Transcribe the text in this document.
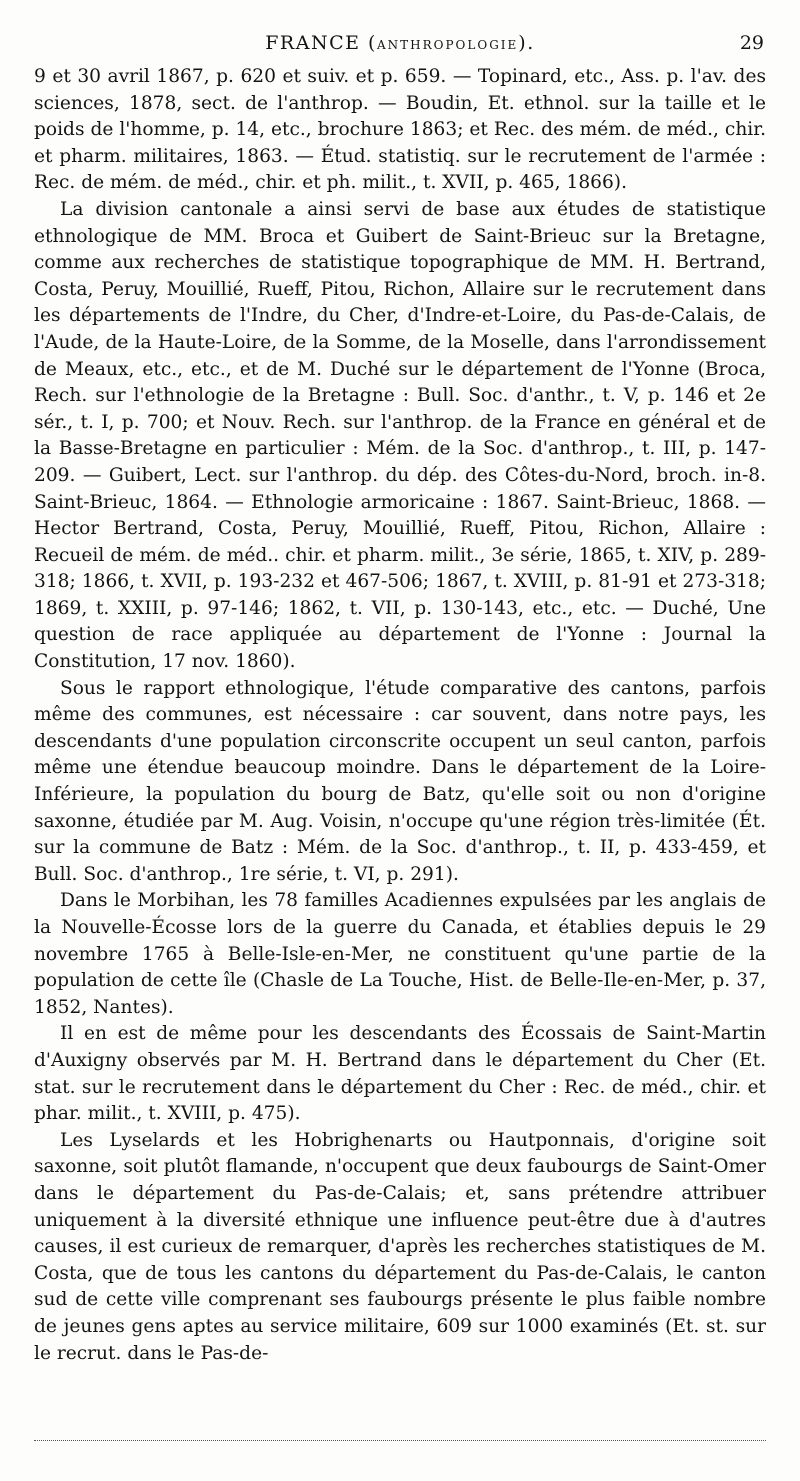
FRANCE (ANTHROPOLOGIE).	29

9 et 30 avril 1867, p. 620 et suiv. et p. 659. — Topinard, etc., Ass. p. l'av. des sciences, 1878, sect. de l'anthrop. — Boudin, Et. ethnol. sur la taille et le poids de l'homme, p. 14, etc., brochure 1863; et Rec. des mém. de méd., chir. et pharm. militaires, 1863. — Étud. statistiq. sur le recrutement de l'armée : Rec. de mém. de méd., chir. et ph. milit., t. XVII, p. 465, 1866).

La division cantonale a ainsi servi de base aux études de statistique ethnologique de MM. Broca et Guibert de Saint-Brieuc sur la Bretagne, comme aux recherches de statistique topographique de MM. H. Bertrand, Costa, Peruy, Mouillié, Rueff, Pitou, Richon, Allaire sur le recrutement dans les départements de l'Indre, du Cher, d'Indre-et-Loire, du Pas-de-Calais, de l'Aude, de la Haute-Loire, de la Somme, de la Moselle, dans l'arrondissement de Meaux, etc., etc., et de M. Duché sur le département de l'Yonne (Broca, Rech. sur l'ethnologie de la Bretagne : Bull. Soc. d'anthr., t. V, p. 146 et 2e sér., t. I, p. 700; et Nouv. Rech. sur l'anthrop. de la France en général et de la Basse-Bretagne en particulier : Mém. de la Soc. d'anthrop., t. III, p. 147-209. — Guibert, Lect. sur l'anthrop. du dép. des Côtes-du-Nord, broch. in-8. Saint-Brieuc, 1864. — Ethnologie armoricaine : 1867. Saint-Brieuc, 1868. — Hector Bertrand, Costa, Peruy, Mouillié, Rueff, Pitou, Richon, Allaire : Recueil de mém. de méd.. chir. et pharm. milit., 3e série, 1865, t. XIV, p. 289-318; 1866, t. XVII, p. 193-232 et 467-506; 1867, t. XVIII, p. 81-91 et 273-318; 1869, t. XXIII, p. 97-146; 1862, t. VII, p. 130-143, etc., etc. — Duché, Une question de race appliquée au département de l'Yonne : Journal la Constitution, 17 nov. 1860).

Sous le rapport ethnologique, l'étude comparative des cantons, parfois même des communes, est nécessaire : car souvent, dans notre pays, les descendants d'une population circonscrite occupent un seul canton, parfois même une étendue beaucoup moindre. Dans le département de la Loire-Inférieure, la population du bourg de Batz, qu'elle soit ou non d'origine saxonne, étudiée par M. Aug. Voisin, n'occupe qu'une région très-limitée (Ét. sur la commune de Batz : Mém. de la Soc. d'anthrop., t. II, p. 433-459, et Bull. Soc. d'anthrop., 1re série, t. VI, p. 291).

Dans le Morbihan, les 78 familles Acadiennes expulsées par les anglais de la Nouvelle-Écosse lors de la guerre du Canada, et établies depuis le 29 novembre 1765 à Belle-Isle-en-Mer, ne constituent qu'une partie de la population de cette île (Chasle de La Touche, Hist. de Belle-Ile-en-Mer, p. 37, 1852, Nantes).

Il en est de même pour les descendants des Écossais de Saint-Martin d'Auxigny observés par M. H. Bertrand dans le département du Cher (Et. stat. sur le recrutement dans le département du Cher : Rec. de méd., chir. et phar. milit., t. XVIII, p. 475).

Les Lyselards et les Hobrighenarts ou Hautponnais, d'origine soit saxonne, soit plutôt flamande, n'occupent que deux faubourgs de Saint-Omer dans le département du Pas-de-Calais; et, sans prétendre attribuer uniquement à la diversité ethnique une influence peut-être due à d'autres causes, il est curieux de remarquer, d'après les recherches statistiques de M. Costa, que de tous les cantons du département du Pas-de-Calais, le canton sud de cette ville comprenant ses faubourgs présente le plus faible nombre de jeunes gens aptes au service militaire, 609 sur 1000 examinés (Et. st. sur le recrut. dans le Pas-de-
